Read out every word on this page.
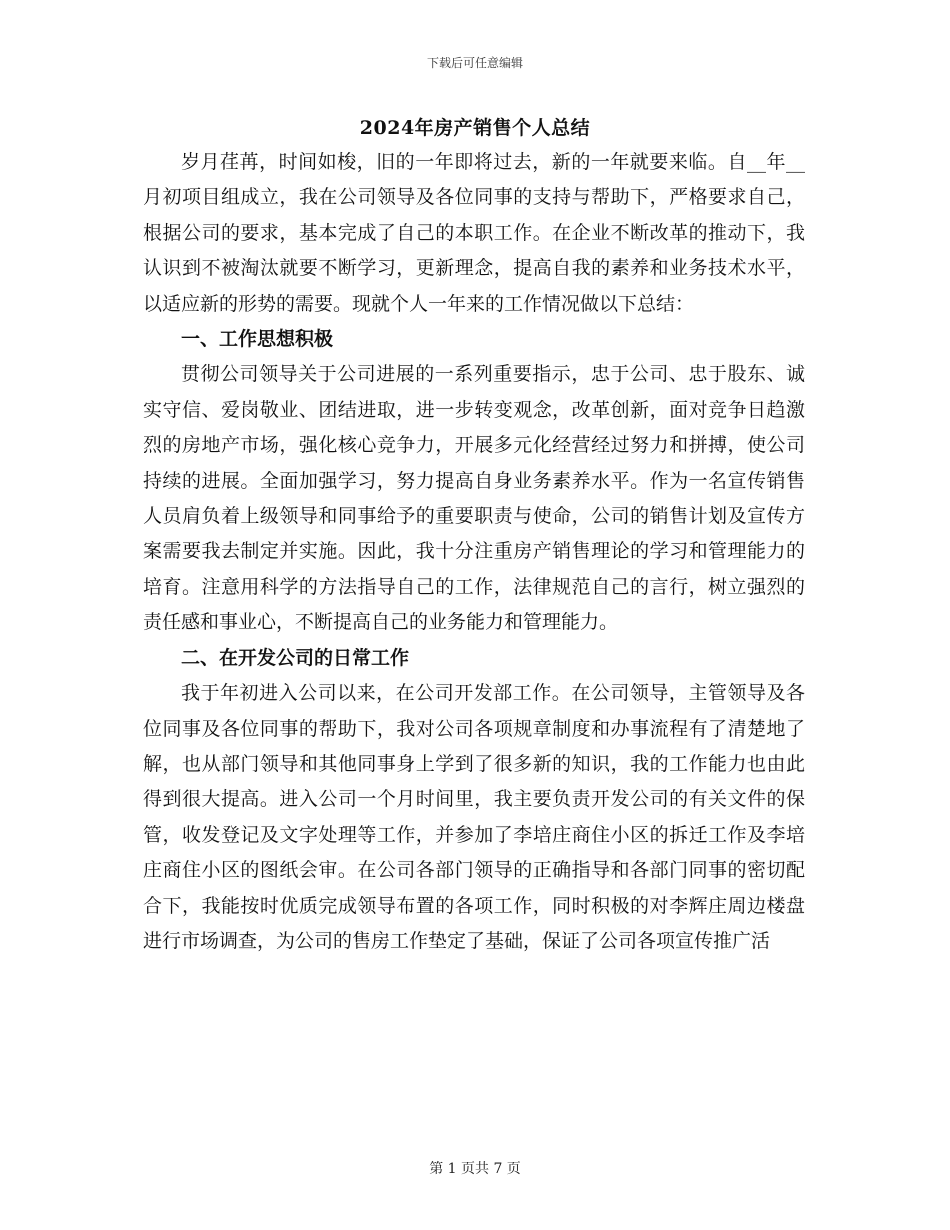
下载后可任意编辑
2024年房产销售个人总结

岁月荏苒，时间如梭，旧的一年即将过去，新的一年就要来临。自__年__月初项目组成立，我在公司领导及各位同事的支持与帮助下，严格要求自己，根据公司的要求，基本完成了自己的本职工作。在企业不断改革的推动下，我认识到不被淘汰就要不断学习，更新理念，提高自我的素养和业务技术水平，以适应新的形势的需要。现就个人一年来的工作情况做以下总结：

一、工作思想积极

贯彻公司领导关于公司进展的一系列重要指示，忠于公司、忠于股东、诚实守信、爱岗敬业、团结进取，进一步转变观念，改革创新，面对竞争日趋激烈的房地产市场，强化核心竞争力，开展多元化经营经过努力和拼搏，使公司持续的进展。全面加强学习，努力提高自身业务素养水平。作为一名宣传销售人员肩负着上级领导和同事给予的重要职责与使命，公司的销售计划及宣传方案需要我去制定并实施。因此，我十分注重房产销售理论的学习和管理能力的培育。注意用科学的方法指导自己的工作，法律规范自己的言行，树立强烈的责任感和事业心，不断提高自己的业务能力和管理能力。

二、在开发公司的日常工作

我于年初进入公司以来，在公司开发部工作。在公司领导，主管领导及各位同事及各位同事的帮助下，我对公司各项规章制度和办事流程有了清楚地了解，也从部门领导和其他同事身上学到了很多新的知识，我的工作能力也由此得到很大提高。进入公司一个月时间里，我主要负责开发公司的有关文件的保管，收发登记及文字处理等工作，并参加了李培庄商住小区的拆迁工作及李培庄商住小区的图纸会审。在公司各部门领导的正确指导和各部门同事的密切配合下，我能按时优质完成领导布置的各项工作，同时积极的对李辉庄周边楼盘进行市场调查，为公司的售房工作垫定了基础，保证了公司各项宣传推广活

第 1 页共 7 页
